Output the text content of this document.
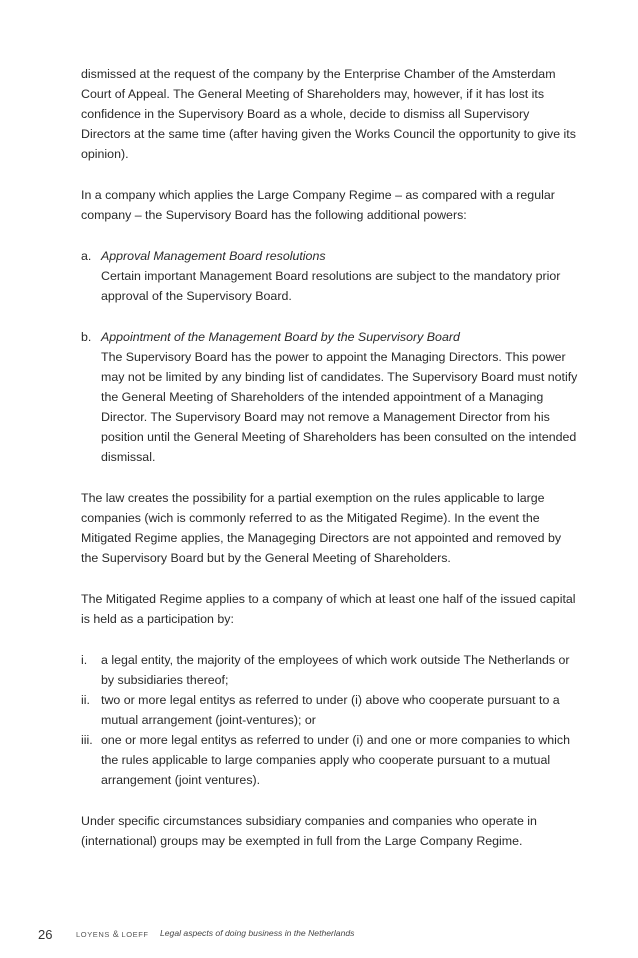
dismissed at the request of the company by the Enterprise Chamber of the Amsterdam Court of Appeal. The General Meeting of Shareholders may, however, if it has lost its confidence in the Supervisory Board as a whole, decide to dismiss all Supervisory Directors at the same time (after having given the Works Council the opportunity to give its opinion).

In a company which applies the Large Company Regime – as compared with a regular company – the Supervisory Board has the following additional powers:

a. Approval Management Board resolutions
Certain important Management Board resolutions are subject to the mandatory prior approval of the Supervisory Board.
b. Appointment of the Management Board by the Supervisory Board
The Supervisory Board has the power to appoint the Managing Directors. This power may not be limited by any binding list of candidates. The Supervisory Board must notify the General Meeting of Shareholders of the intended appointment of a Managing Director. The Supervisory Board may not remove a Management Director from his position until the General Meeting of Shareholders has been consulted on the intended dismissal.

The law creates the possibility for a partial exemption on the rules applicable to large companies (wich is commonly referred to as the Mitigated Regime). In the event the Mitigated Regime applies, the Manageging Directors are not appointed and removed by the Supervisory Board but by the General Meeting of Shareholders.

The Mitigated Regime applies to a company of which at least one half of the issued capital is held as a participation by:

i.	a legal entity, the majority of the employees of which work outside The Netherlands or by subsidiaries thereof;
ii. two or more legal entitys as referred to under (i) above who cooperate pursuant to a mutual arrangement (joint-ventures); or
iii. one or more legal entitys as referred to under (i) and one or more companies to which the rules applicable to large companies apply who cooperate pursuant to a mutual arrangement (joint ventures).

Under specific circumstances subsidiary companies and companies who operate in (international) groups may be exempted in full from the Large Company Regime.

26	LOYENS & LOEFF Legal aspects of doing business in the Netherlands
